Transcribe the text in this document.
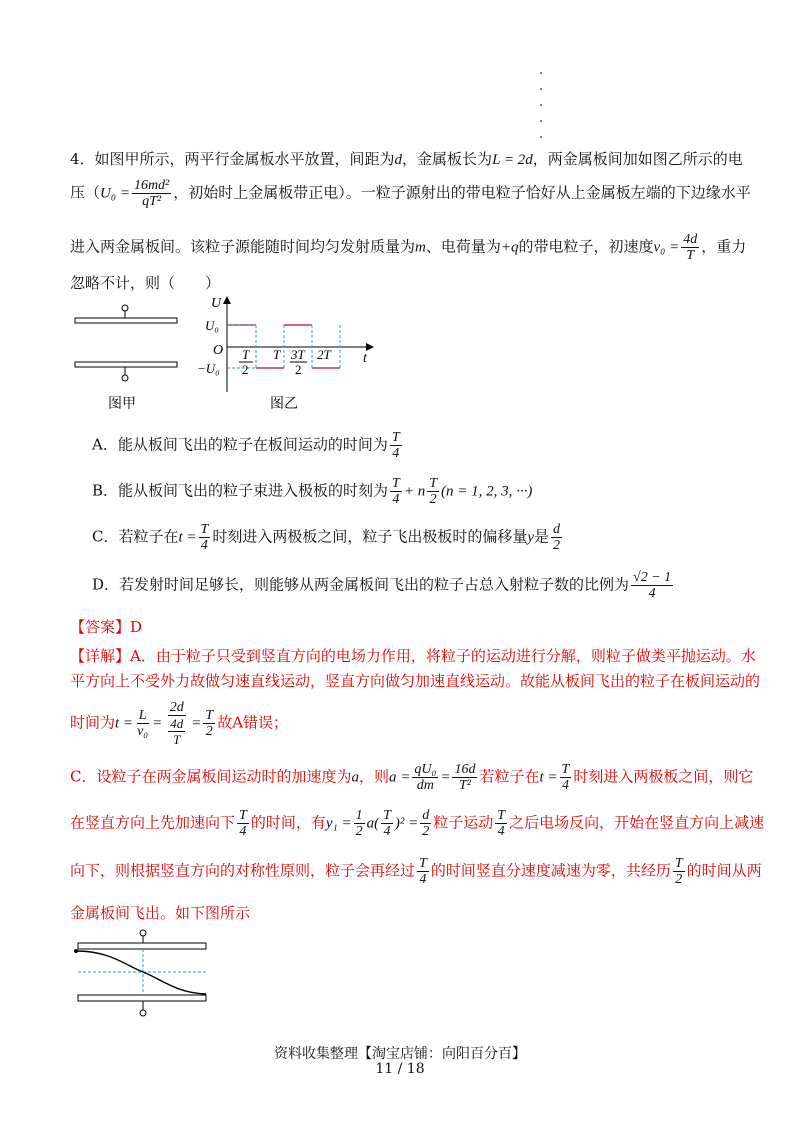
4．如图甲所示，两平行金属板水平放置，间距为d，金属板长为L = 2d，两金属板间加如图乙所示的电
压（$U_0 = \frac{\text{16md²}}{\text{qT²}}$ ，初始时上金属板带正电）。一粒子源射出的带电粒子恰好从上金属板左端的下边缘水平
进入两金属板间。该粒子源能随时间均匀发射质量为m、电荷量为+q的带电粒子，初速度$v_0 = \frac{4d}{T}$ ，重力
忽略不计，则（　　）
图甲
U
t
O
U₀
−U₀
T
2
T 3T
2
2T
图乙
A．能从板间飞出的粒子在板间运动的时间为 $\frac{T}{4}$
B．能从板间飞出的粒子束进入极板的时刻为 $\frac{T}{4} + n \frac{T}{2} (n = 1$, 2, 3, ···)
C．若粒子在$t = \frac{T}{4}$ 时刻进入两极板之间，粒子飞出极板时的偏移量y是 $\frac{d}{2}$
D．若发射时间足够长，则能够从两金属板间飞出的粒子占总入射粒子数的比例为 $\frac{√2 - 1}{4}$
【答案】D
【详解】A．由于粒子只受到竖直方向的电场力作用，将粒子的运动进行分解，则粒子做类平抛运动。水
平方向上不受外力故做匀速直线运动，竖直方向做匀加速直线运动。故能从板间飞出的粒子在板间运动的
时间为$t = \frac{L}{\text{v₀}} = \frac{2d}{\frac{4d}{T}} = \frac{T}{2}$ 故A错误；
C．设粒子在两金属板间运动时的加速度为a，则$a = \frac{\text{qU₀}}{dm} = \frac{16d}{\text{T²}}$ 若粒子在$t = \frac{T}{4}$ 时刻进入两极板之间，则它
在竖直方向上先加速向下 $\frac{T}{4}$ 的时间，有$y_1 = \frac{1}{2} a( \frac{T}{4} )^2 = \frac{d}{2}$ 粒子运动 $\frac{T}{4}$ 之后电场反向，开始在竖直方向上减速
向下，则根据竖直方向的对称性原则，粒子会再经过 $\frac{T}{4}$ 的时间竖直分速度减速为零，共经历 $\frac{T}{2}$ 的时间从两
金属板间飞出。如下图所示
资料收集整理【淘宝店铺：向阳百分百】
11 / 18
